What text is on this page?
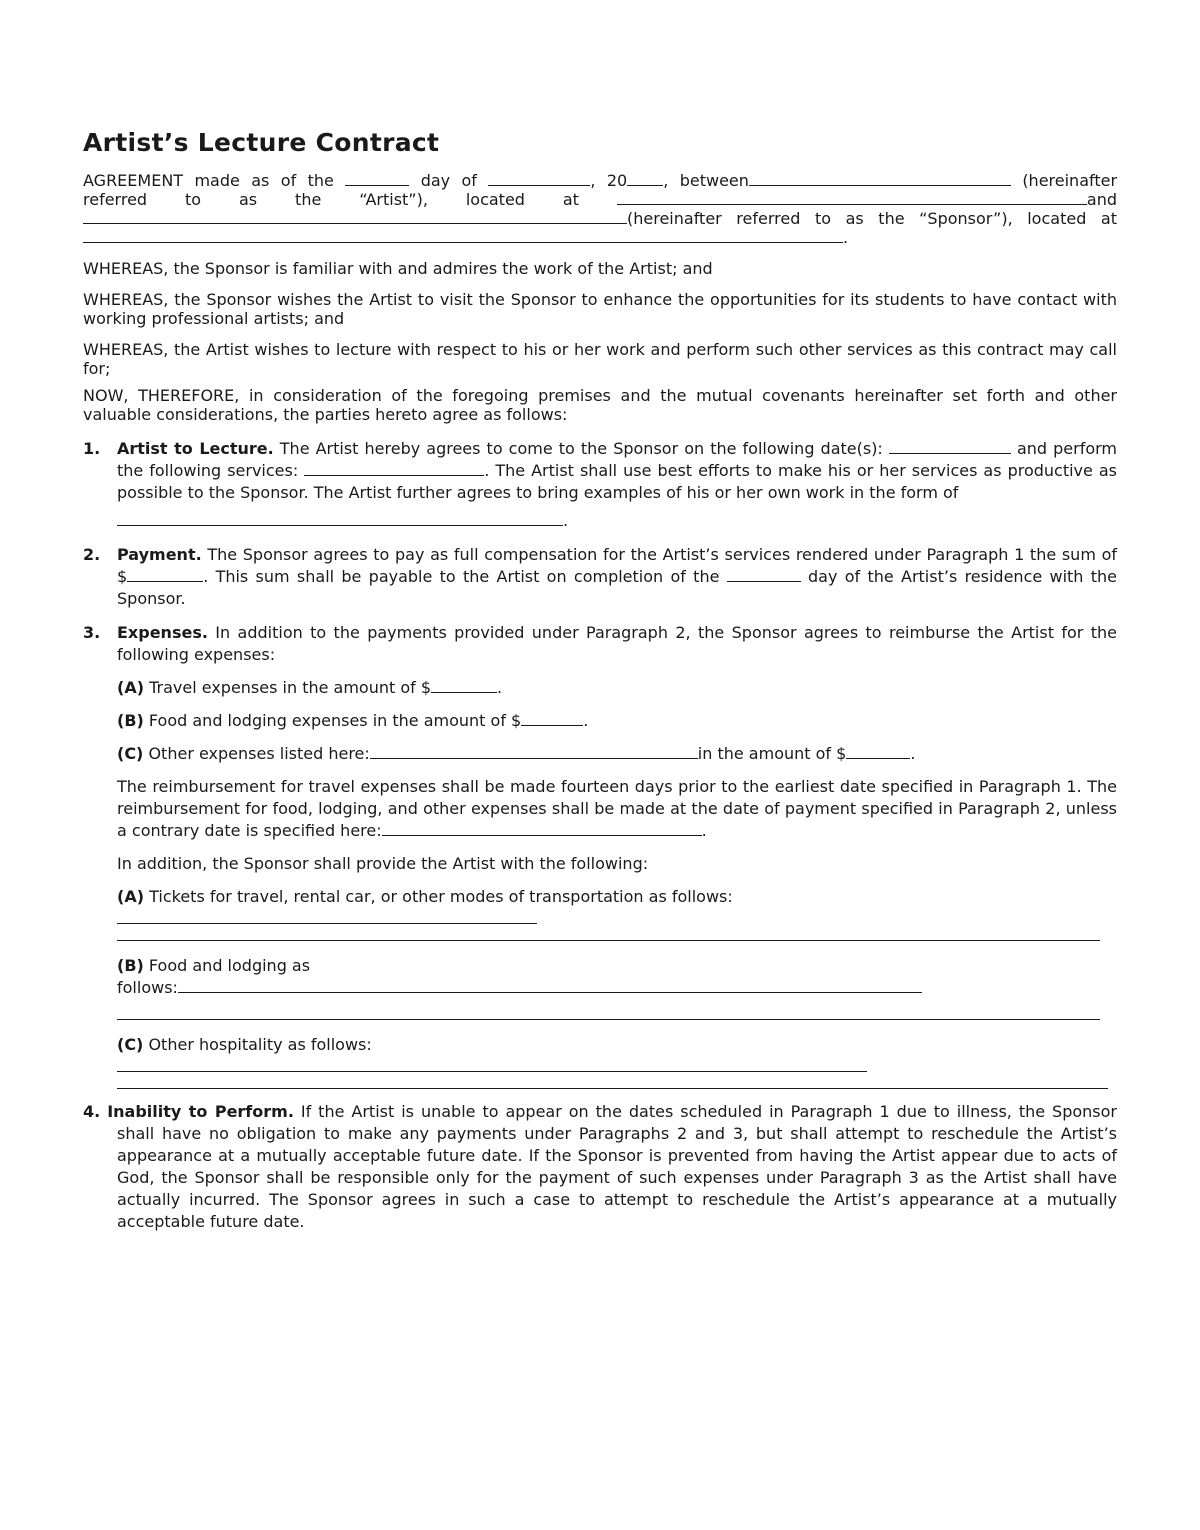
Artist’s Lecture Contract

AGREEMENT made as of the	day of	, 20 , between	(hereinafter

referred to as the “Artist”), located at	and

(hereinafter referred to as the “Sponsor”), located at

.

WHEREAS, the Sponsor is familiar with and admires the work of the Artist; and

WHEREAS, the Sponsor wishes the Artist to visit the Sponsor to enhance the opportunities for its students to have contact with working professional artists; and

WHEREAS, the Artist wishes to lecture with respect to his or her work and perform such other services as this contract may call for;

NOW, THEREFORE, in consideration of the foregoing premises and the mutual covenants hereinafter set forth and other valuable considerations, the parties hereto agree as follows:

1. Artist to Lecture. The Artist hereby agrees to come to the Sponsor on the following date(s):	and perform the following services:	. The Artist shall use best efforts to make his or her services as productive as possible to the Sponsor. The Artist further agrees to bring examples of his or her own work in the form of
.
2. Payment. The Sponsor agrees to pay as full compensation for the Artist’s services rendered under Paragraph 1 the sum of $	. This sum shall be payable to the Artist on completion of the	day of the Artist’s residence with the Sponsor.
3. Expenses. In addition to the payments provided under Paragraph 2, the Sponsor agrees to reimburse the Artist for the following expenses:
(A) Travel expenses in the amount of $	.
(B) Food and lodging expenses in the amount of $	.
(C) Other expenses listed here:	in the amount of $	.
The reimbursement for travel expenses shall be made fourteen days prior to the earliest date specified in Paragraph 1. The reimbursement for food, lodging, and other expenses shall be made at the date of payment specified in Paragraph 2, unless a contrary date is specified here:	.
In addition, the Sponsor shall provide the Artist with the following:
(A) Tickets for travel, rental car, or other modes of transportation as follows:
(B) Food and lodging as
follows:
(C) Other hospitality as follows:
4. Inability to Perform. If the Artist is unable to appear on the dates scheduled in Paragraph 1 due to illness, the Sponsor shall have no obligation to make any payments under Paragraphs 2 and 3, but shall attempt to reschedule the Artist’s appearance at a mutually acceptable future date. If the Sponsor is prevented from having the Artist appear due to acts of God, the Sponsor shall be responsible only for the payment of such expenses under Paragraph 3 as the Artist shall have actually incurred. The Sponsor agrees in such a case to attempt to reschedule the Artist’s appearance at a mutually acceptable future date.
